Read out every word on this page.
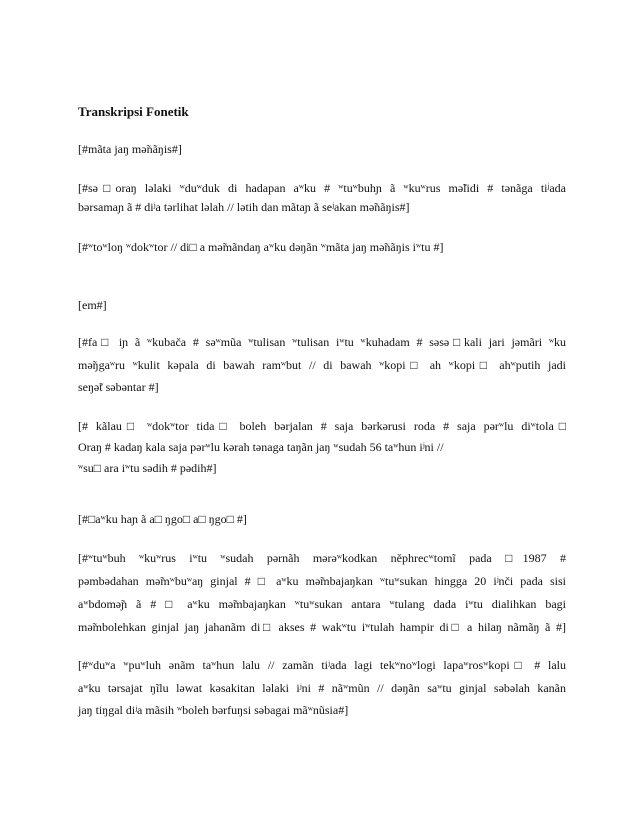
Transkripsi Fonetik
[#mãta jaŋ mə̃nãŋis#]
[#sə□oraŋ ləlaki ʷduʷduk di hadapan aʷku # ʷtuʷbuhɲ ã ʷkuʷrus mə̃lidi # tənãga tiʲada
bərsamaɲ ã # diʲa tərlihat ləlah // lətih dan mãtaɲ ã seʲakan mə̃nãŋis#]
[#ʷtoʷloŋ ʷdokʷtor // di□ a mə̃mãndaŋ aʷku dəŋãn ʷmãta jaŋ mə̃nãŋis iʷtu #]
[em#]
[#fa□ iɲ ã ʷkubača # səʷmũa ʷtulisan ʷtulisan iʷtu ʷkuhadam # səsə□kali jari jəmãri ʷku
mə̃ŋgaʷru ʷkulit kəpala di bawah ramʷbut // di bawah ʷkopi□ ah ʷkopi□ ahʷputih jadi
seŋə̃t səbəntar #]
[# kãlau□ ʷdokʷtor tida□ boleh bərjalan # saja bərkərusi roda # saja pərʷlu diʷtola□
Oraŋ # kadaŋ kala saja pərʷlu kərah tənaga taŋãn jaŋ ʷsudah 56 taʷhun iʲni //
ʷsu□ ara iʷtu sədih # pədih#]
[#□aʷku haɲ ã a□ ŋgo□ a□ ŋgo□ #]
[#ʷtuʷbuh ʷkuʷrus iʷtu ʷsudah pərnãh mərəʷkodkan něphrecʷtomĩ pada □1987 #
pəmbədahan mə̃mʷbuʷaŋ ginjal # □ aʷku mə̃mbajaŋkan ʷtuʷsukan hingga 20 iʲnči pada sisi
aʷbdomə̃ɲ ã # □ aʷku mə̃mbajaŋkan ʷtuʷsukan antara ʷtulang dada iʷtu dialihkan bagi
mə̃mbolehkan ginjal jaŋ jahanãm di□ akses # wakʷtu iʷtulah hampir di□ a hilaŋ nãmãŋ ã #]
[#ʷduʷa ʷpuʷluh ənãm taʷhun lalu // zamãn tiʲada lagi tekʷnoʷlogi lapaʷrosʷkopi□ # lalu
aʷku tərsajat ŋĩlu ləwat kəsakitan ləlaki iʲni # nãʷmũn // dəŋãn saʷtu ginjal səbəlah kanãn
jaŋ tiŋgal diʲa mãsih ʷboleh bərfuŋsi səbagai mãʷnũsia#]
